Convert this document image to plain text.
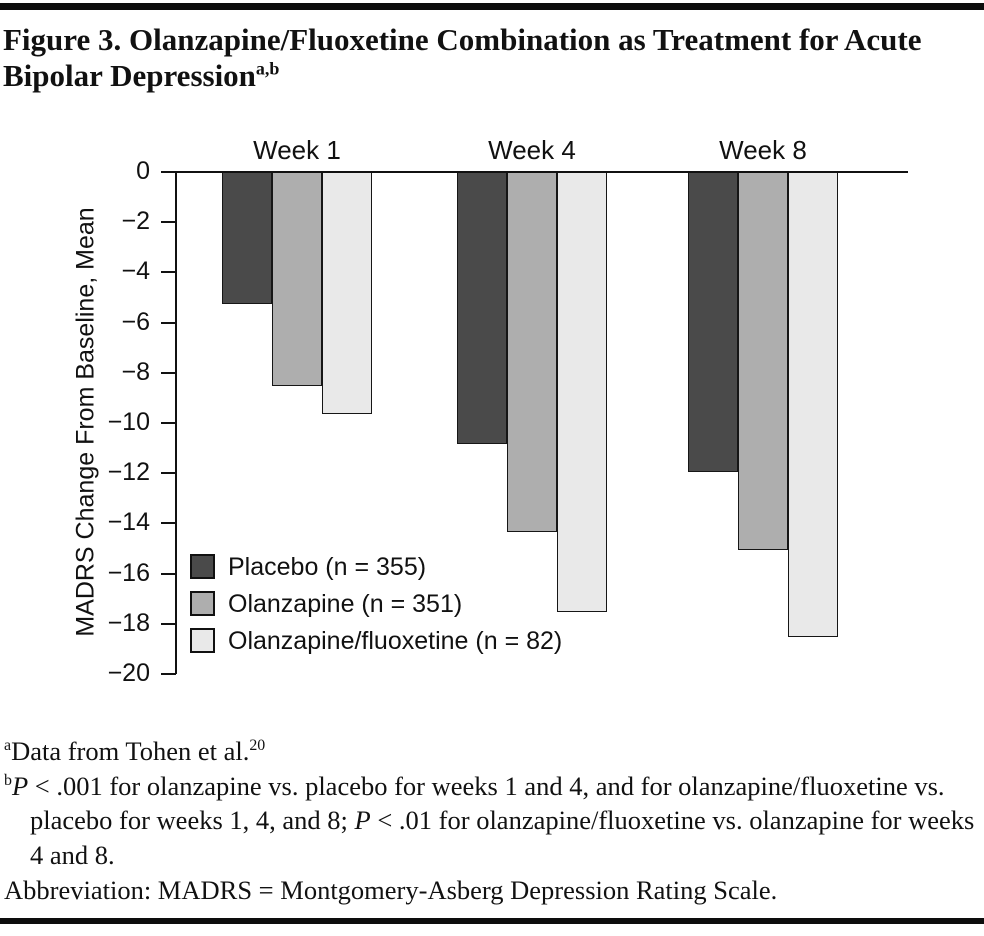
Figure 3. Olanzapine/Fluoxetine Combination as Treatment for Acute Bipolar Depression$^{a,b}$
MADRS Change From Baseline, Mean
0
−2
−4
−6
−8
−10
−12
−14
−16
−18
−20
Week 1	Week 4	Week 8
Placebo (n = 355)
Olanzapine (n = 351)
Olanzapine/fluoxetine (n = 82)

$^a$Data from Tohen et al.$^{20}$

$^b$P < .001 for olanzapine vs. placebo for weeks 1 and 4, and for olanzapine/fluoxetine vs. placebo for weeks 1, 4, and 8; P < .01 for olanzapine/fluoxetine vs. olanzapine for weeks 4 and 8.

Abbreviation: MADRS = Montgomery-Asberg Depression Rating Scale.
